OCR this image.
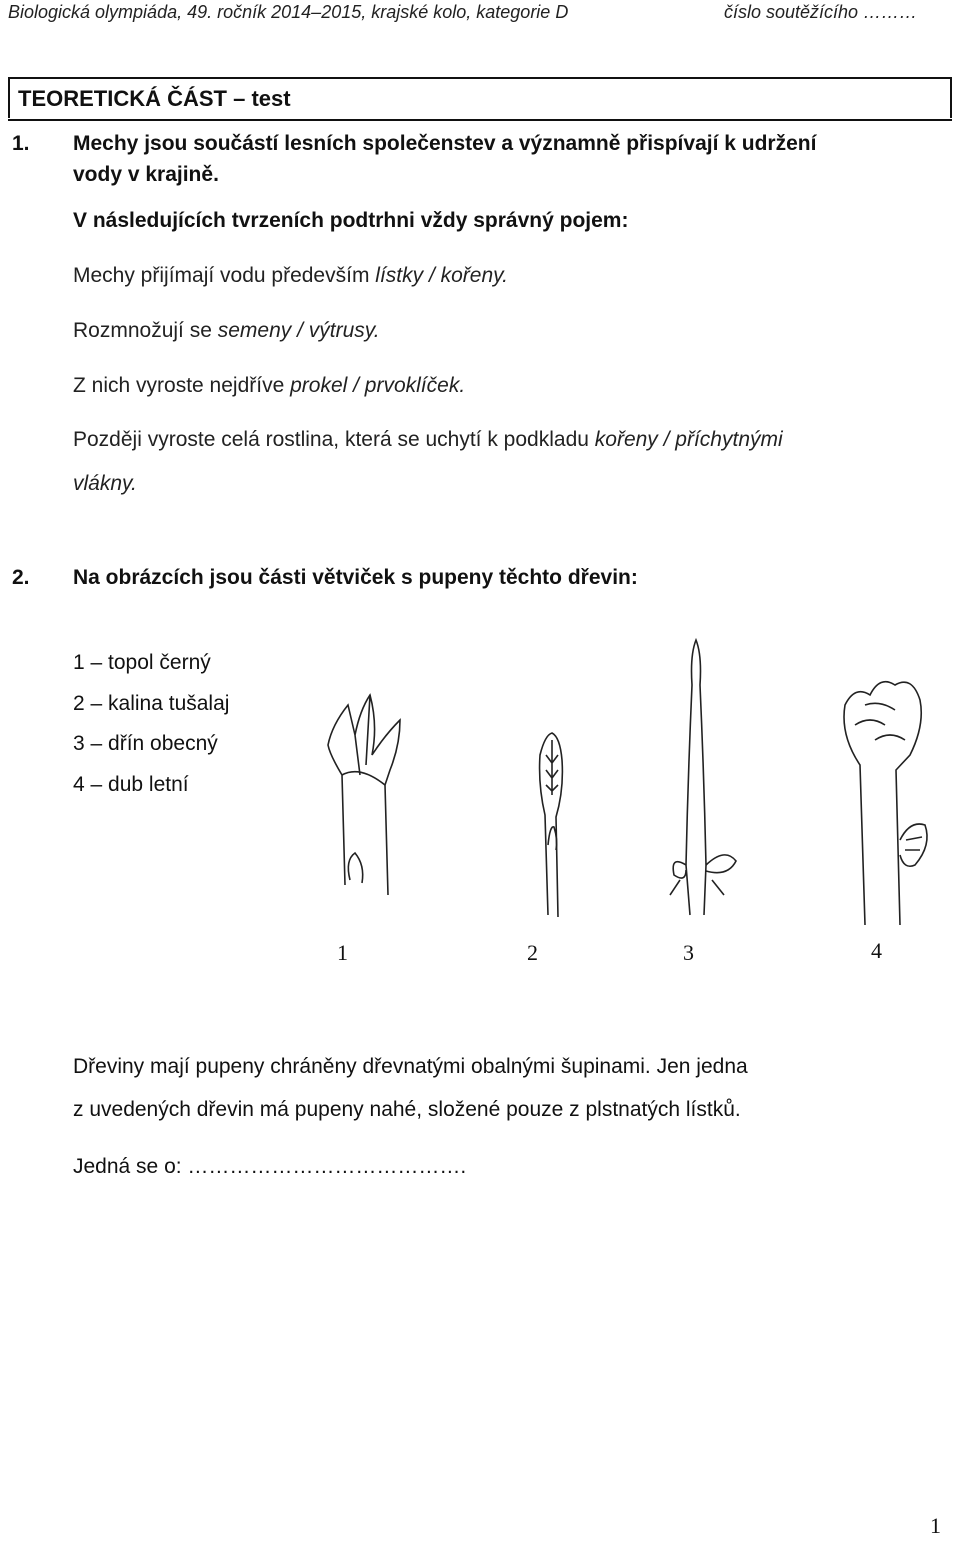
Biologická olympiáda, 49. ročník 2014–2015, krajské kolo, kategorie D	číslo soutěžícího ………
TEORETICKÁ ČÁST – test
1. Mechy jsou součástí lesních společenstev a významně přispívají k udržení
vody v krajině.
V následujících tvrzeních podtrhni vždy správný pojem:
Mechy přijímají vodu především lístky / kořeny.
Rozmnožují se semeny / výtrusy.
Z nich vyroste nejdříve prokel / prvoklíček.
Později vyroste celá rostlina, která se uchytí k podkladu kořeny / příchytnými
vlákny.
2. Na obrázcích jsou části větviček s pupeny těchto dřevin:
1 – topol černý
2 – kalina tušalaj
3 – dřín obecný
4 – dub letní
1	2	3	4
Dřeviny mají pupeny chráněny dřevnatými obalnými šupinami. Jen jedna
z uvedených dřevin má pupeny nahé, složené pouze z plstnatých lístků.
Jedná se o: ………………………………….
1
